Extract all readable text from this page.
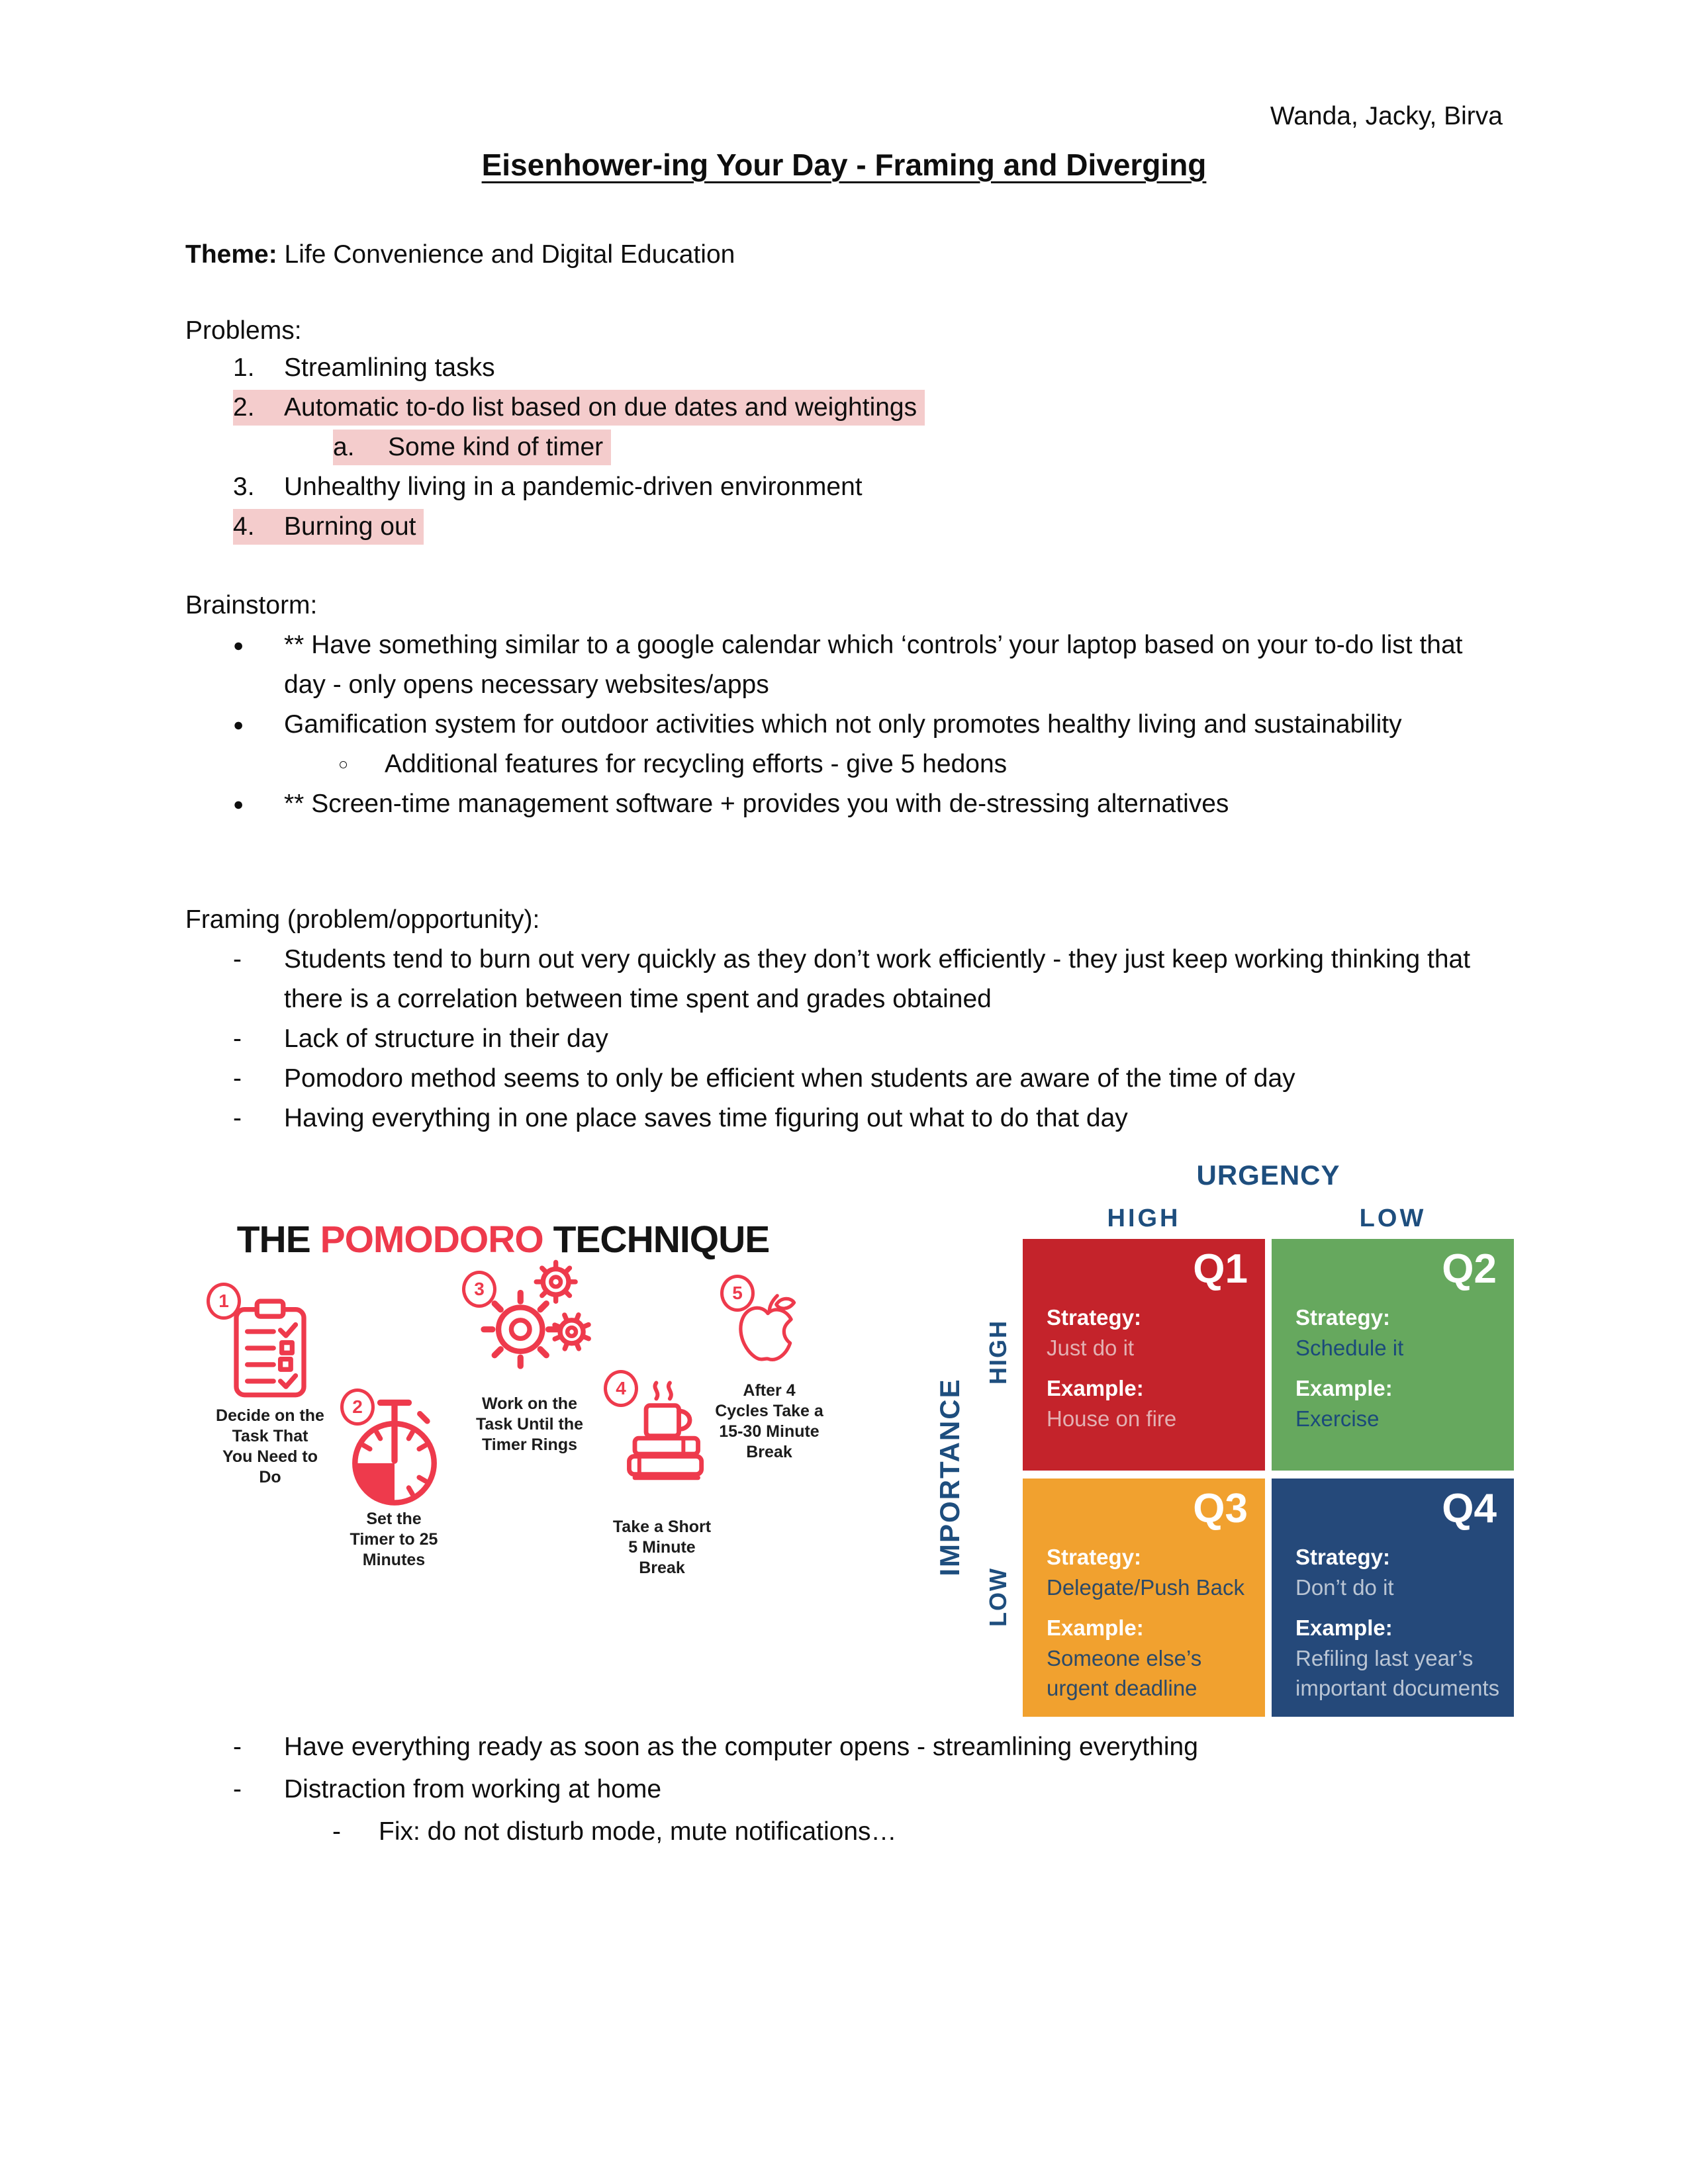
Wanda, Jacky, Birva
Eisenhower-ing Your Day - Framing and Diverging
Theme: Life Convenience and Digital Education
Problems:
1.	Streamlining tasks
2.	Automatic to-do list based on due dates and weightings
a.	Some kind of timer
3.	Unhealthy living in a pandemic-driven environment
4.	Burning out
Brainstorm:
●	** Have something similar to a google calendar which ‘controls’ your laptop based on your to-do list that day - only opens necessary websites/apps
●	Gamification system for outdoor activities which not only promotes healthy living and sustainability
○	Additional features for recycling efforts - give 5 hedons
●	** Screen-time management software + provides you with de-stressing alternatives
Framing (problem/opportunity):
-	Students tend to burn out very quickly as they don’t work efficiently - they just keep working thinking that there is a correlation between time spent and grades obtained
-	Lack of structure in their day
-	Pomodoro method seems to only be efficient when students are aware of the time of day
-	Having everything in one place saves time figuring out what to do that day
THE POMODORO TECHNIQUE
1
Decide on the
Task That
You Need to
Do
2
Set the
Timer to 25
Minutes
3
Work on the
Task Until the
Timer Rings
4
Take a Short
5 Minute
Break
5
After 4
Cycles Take a
15-30 Minute
Break
URGENCY
HIGH	LOW
IMPORTANCE
HIGH
LOW
Q1
Strategy:
Just do it
Example:
House on fire
Q2
Strategy:
Schedule it
Example:
Exercise
Q3
Strategy:
Delegate/Push Back
Example:
Someone else’s urgent deadline
Q4
Strategy:
Don’t do it
Example:
Refiling last year’s important documents
-	Have everything ready as soon as the computer opens - streamlining everything
-	Distraction from working at home
-	Fix: do not disturb mode, mute notifications…
